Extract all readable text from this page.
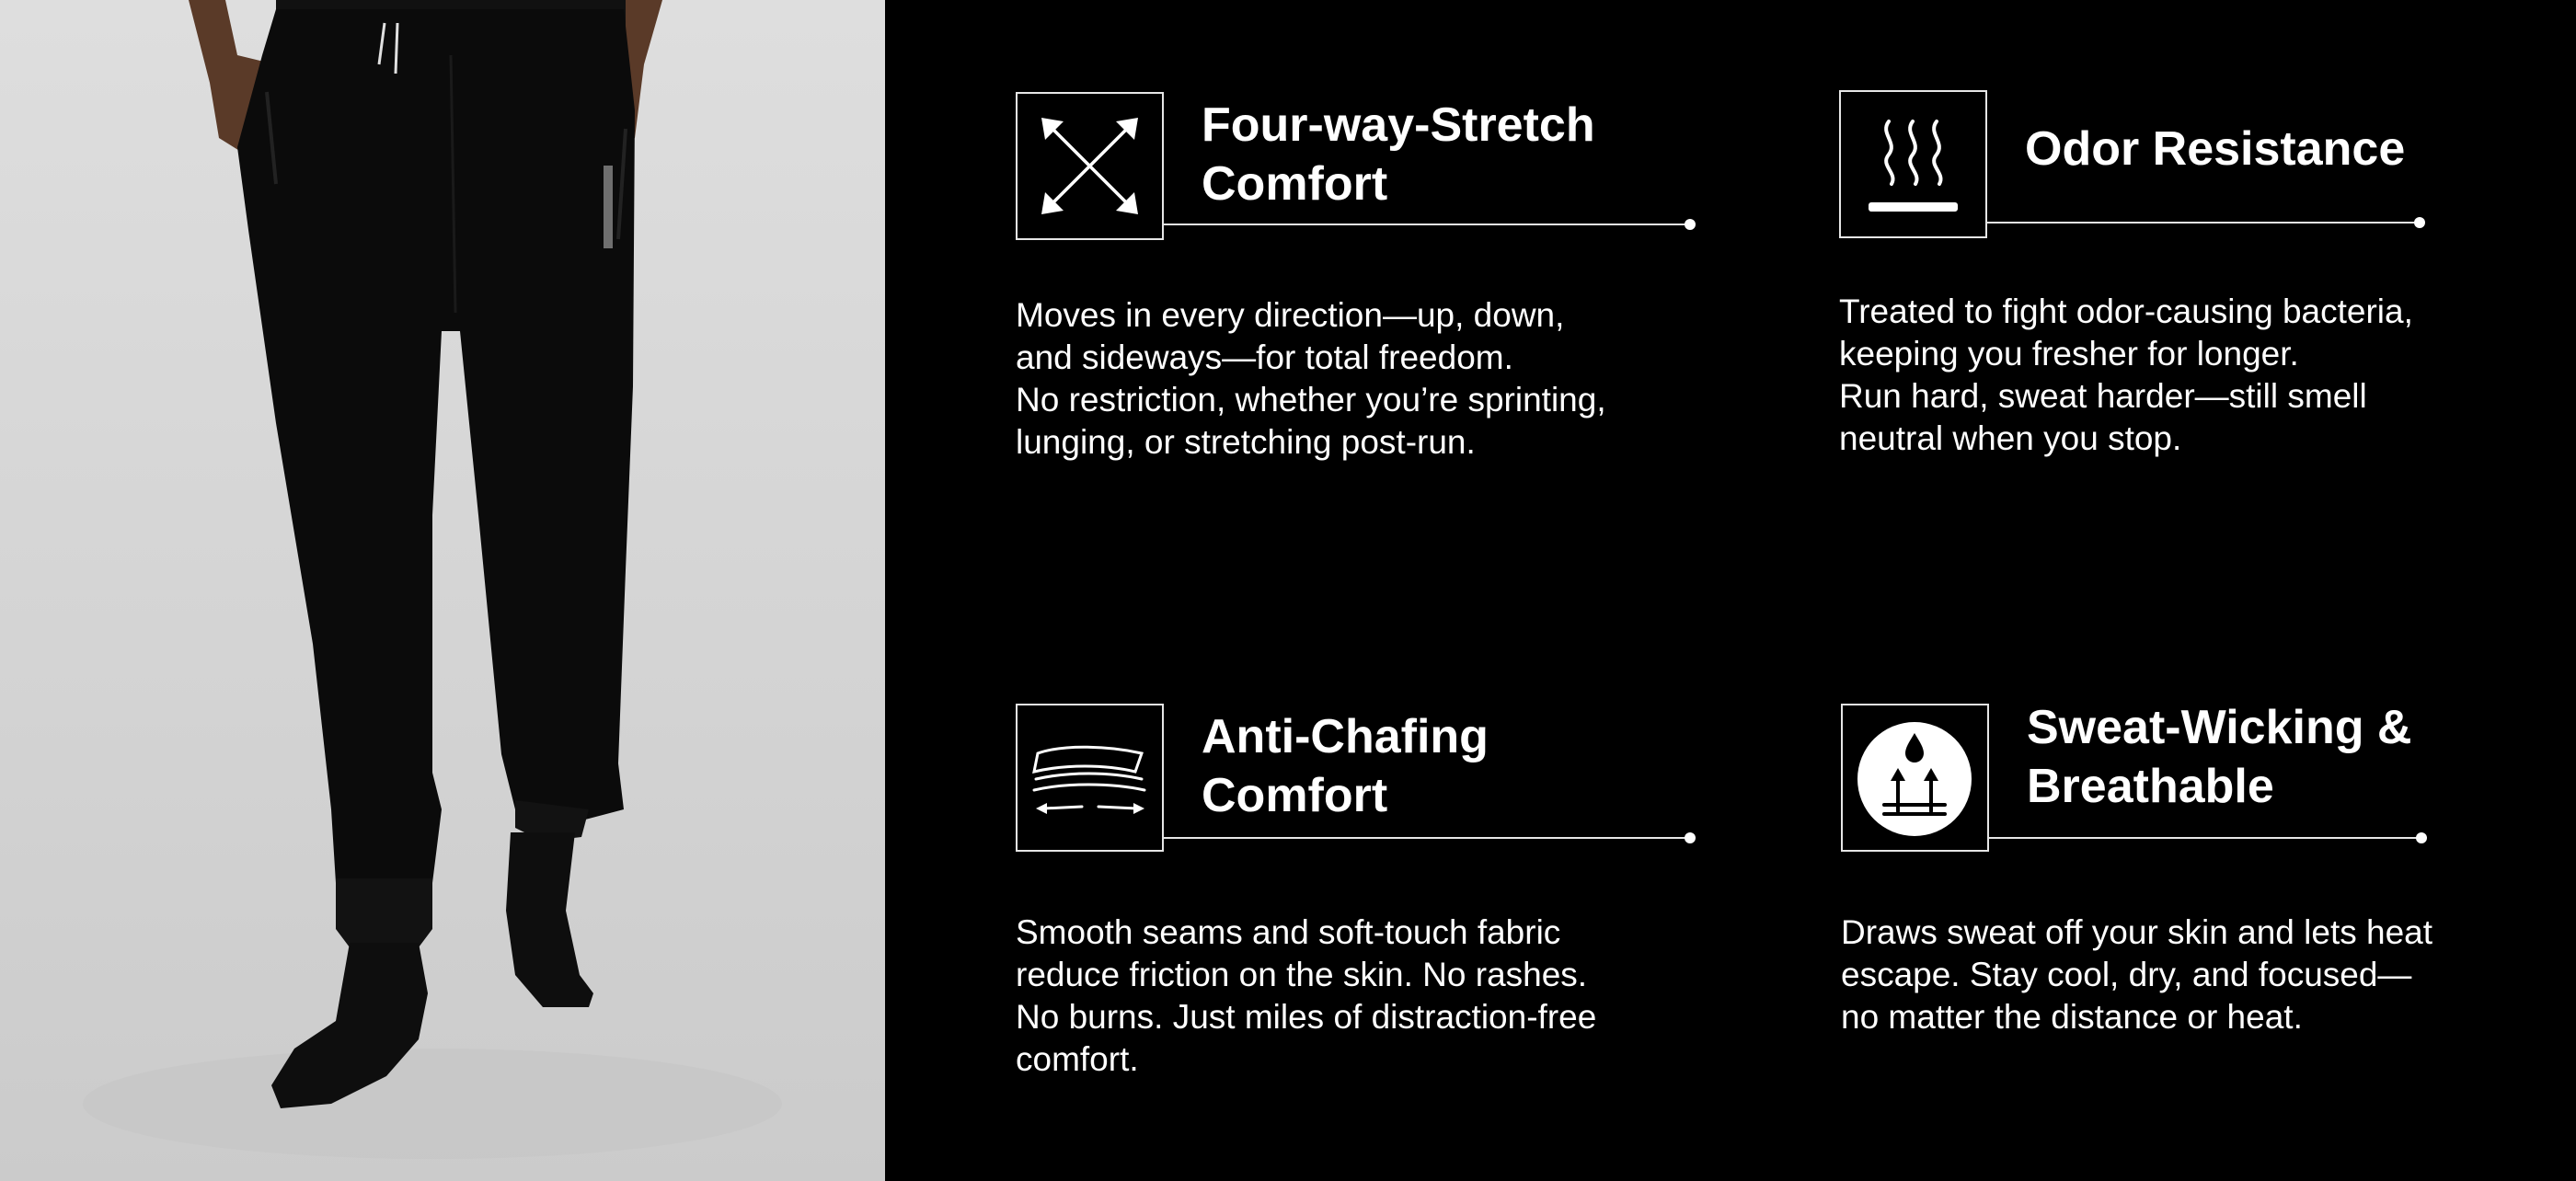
Four-way-Stretch
Comfort
Moves in every direction—up, down,
and sideways—for total freedom.
No restriction, whether you’re sprinting,
lunging, or stretching post-run.
Odor Resistance
Treated to fight odor-causing bacteria,
keeping you fresher for longer.
Run hard, sweat harder—still smell
neutral when you stop.
Anti-Chafing
Comfort
Smooth seams and soft-touch fabric
reduce friction on the skin. No rashes.
No burns. Just miles of distraction-free
comfort.
Sweat-Wicking &
Breathable
Draws sweat off your skin and lets heat
escape. Stay cool, dry, and focused—
no matter the distance or heat.
